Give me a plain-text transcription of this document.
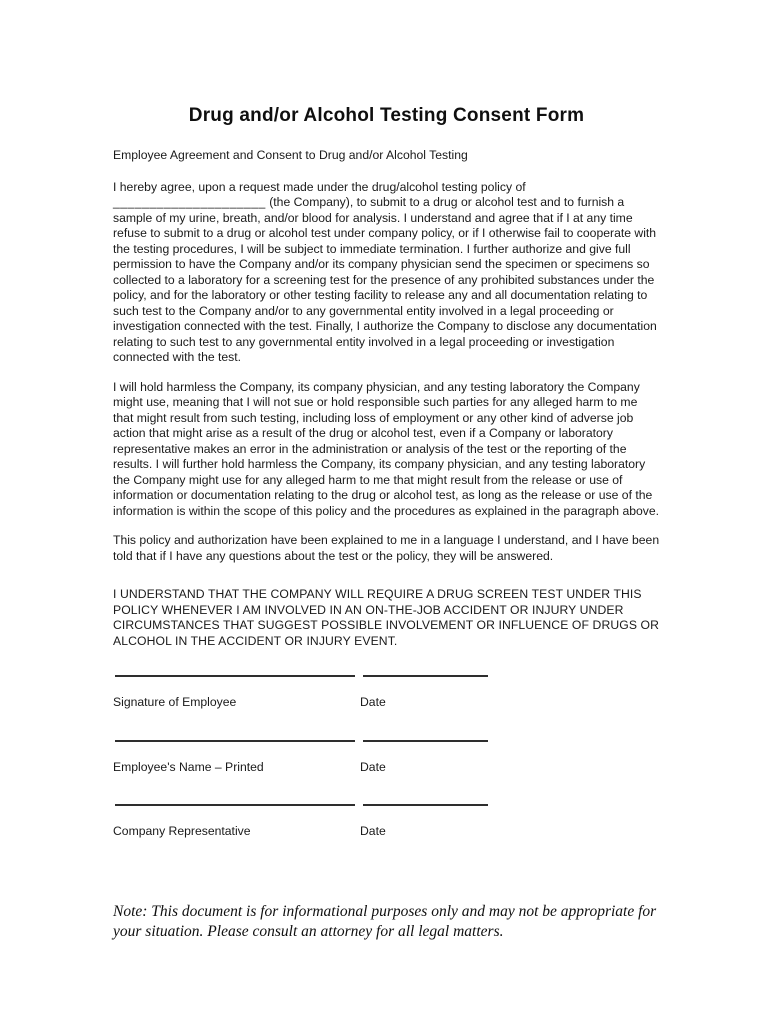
Drug and/or Alcohol Testing Consent Form

Employee Agreement and Consent to Drug and/or Alcohol Testing

I hereby agree, upon a request made under the drug/alcohol testing policy of _____________________ (the Company), to submit to a drug or alcohol test and to furnish a sample of my urine, breath, and/or blood for analysis. I understand and agree that if I at any time refuse to submit to a drug or alcohol test under company policy, or if I otherwise fail to cooperate with the testing procedures, I will be subject to immediate termination. I further authorize and give full permission to have the Company and/or its company physician send the specimen or specimens so collected to a laboratory for a screening test for the presence of any prohibited substances under the policy, and for the laboratory or other testing facility to release any and all documentation relating to such test to the Company and/or to any governmental entity involved in a legal proceeding or investigation connected with the test. Finally, I authorize the Company to disclose any documentation relating to such test to any governmental entity involved in a legal proceeding or investigation connected with the test.

I will hold harmless the Company, its company physician, and any testing laboratory the Company might use, meaning that I will not sue or hold responsible such parties for any alleged harm to me that might result from such testing, including loss of employment or any other kind of adverse job action that might arise as a result of the drug or alcohol test, even if a Company or laboratory representative makes an error in the administration or analysis of the test or the reporting of the results. I will further hold harmless the Company, its company physician, and any testing laboratory the Company might use for any alleged harm to me that might result from the release or use of information or documentation relating to the drug or alcohol test, as long as the release or use of the information is within the scope of this policy and the procedures as explained in the paragraph above.

This policy and authorization have been explained to me in a language I understand, and I have been told that if I have any questions about the test or the policy, they will be answered.

I UNDERSTAND THAT THE COMPANY WILL REQUIRE A DRUG SCREEN TEST UNDER THIS POLICY WHENEVER I AM INVOLVED IN AN ON-THE-JOB ACCIDENT OR INJURY UNDER CIRCUMSTANCES THAT SUGGEST POSSIBLE INVOLVEMENT OR INFLUENCE OF DRUGS OR ALCOHOL IN THE ACCIDENT OR INJURY EVENT.

Signature of Employee	Date
Employee's Name – Printed	Date
Company Representative	Date

Note: This document is for informational purposes only and may not be appropriate for your situation. Please consult an attorney for all legal matters.
